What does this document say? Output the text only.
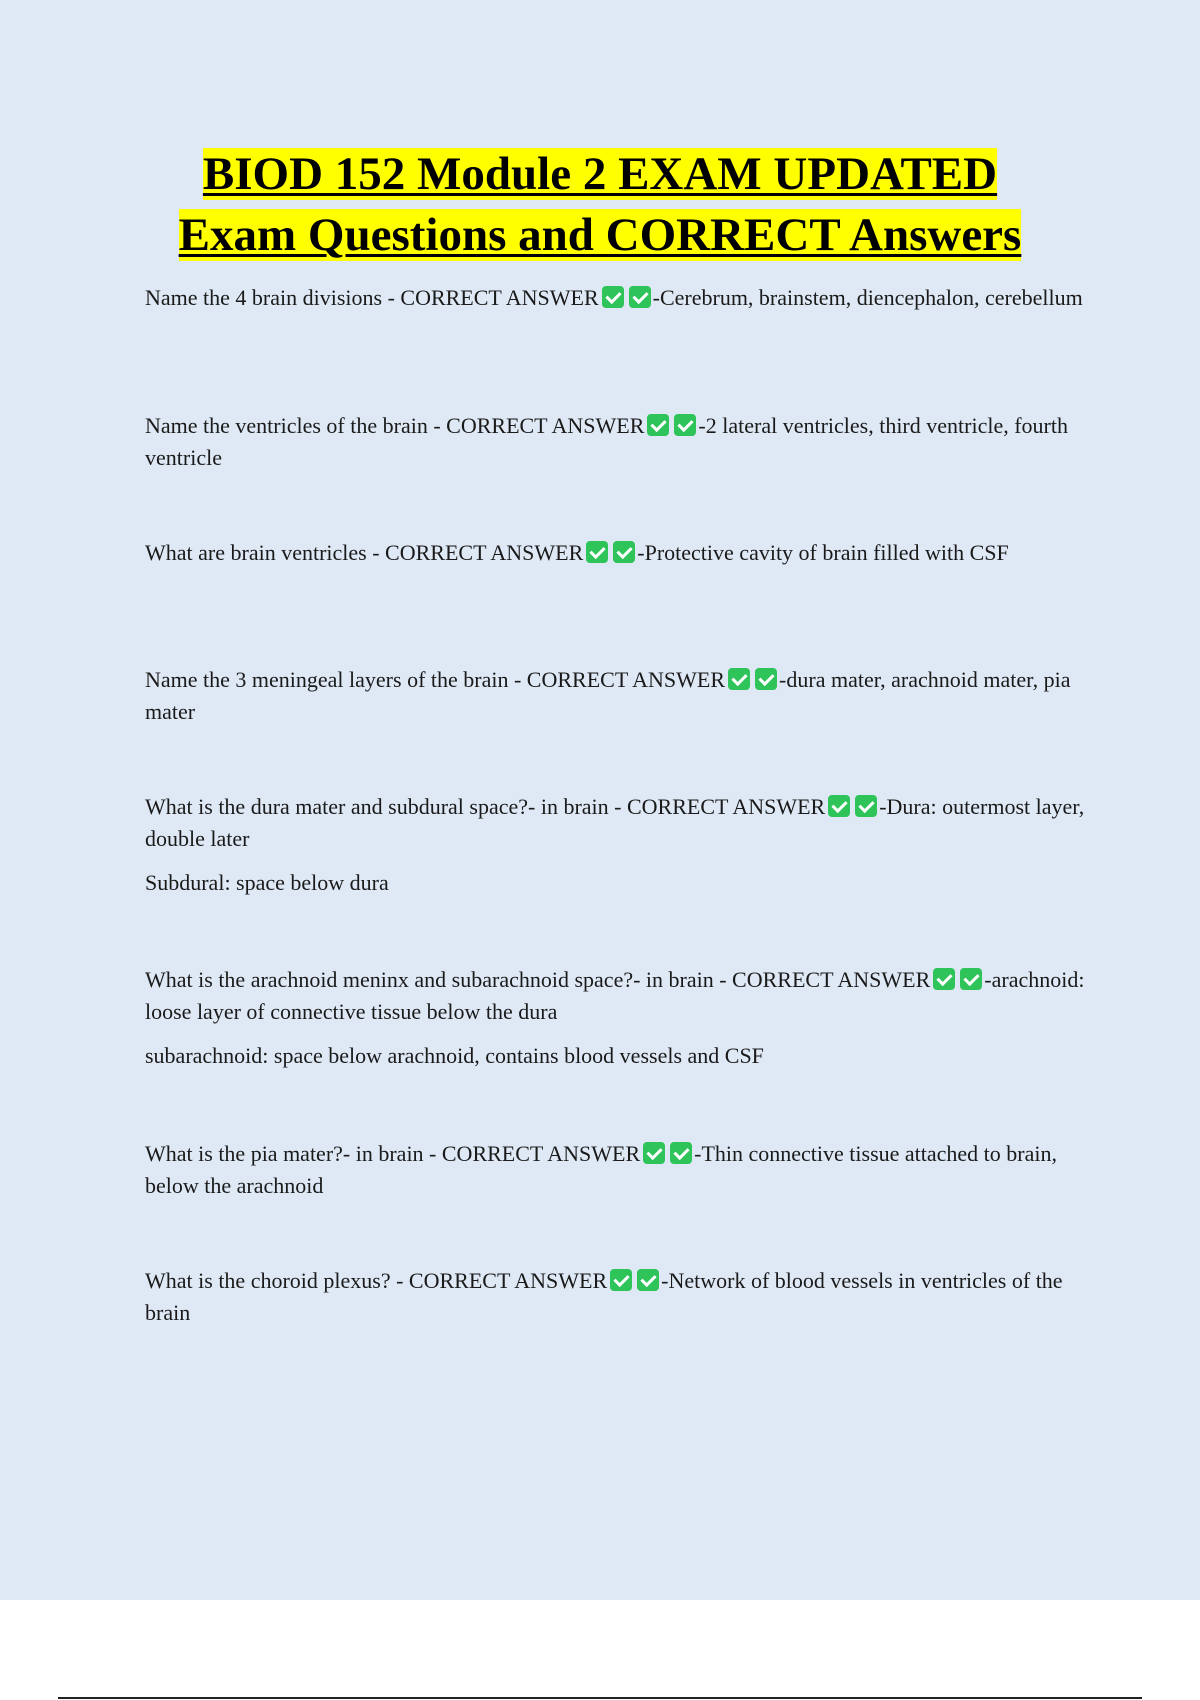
BIOD 152 Module 2 EXAM UPDATED
Exam Questions and CORRECT Answers

Name the 4 brain divisions - CORRECT ANSWER -Cerebrum, brainstem, diencephalon, cerebellum

Name the ventricles of the brain - CORRECT ANSWER -2 lateral ventricles, third ventricle, fourth ventricle

What are brain ventricles - CORRECT ANSWER -Protective cavity of brain filled with CSF

Name the 3 meningeal layers of the brain - CORRECT ANSWER -dura mater, arachnoid mater, pia mater

What is the dura mater and subdural space?- in brain - CORRECT ANSWER -Dura: outermost layer, double later

Subdural: space below dura

What is the arachnoid meninx and subarachnoid space?- in brain - CORRECT ANSWER -arachnoid: loose layer of connective tissue below the dura

subarachnoid: space below arachnoid, contains blood vessels and CSF

What is the pia mater?- in brain - CORRECT ANSWER -Thin connective tissue attached to brain, below the arachnoid

What is the choroid plexus? - CORRECT ANSWER -Network of blood vessels in ventricles of the brain
